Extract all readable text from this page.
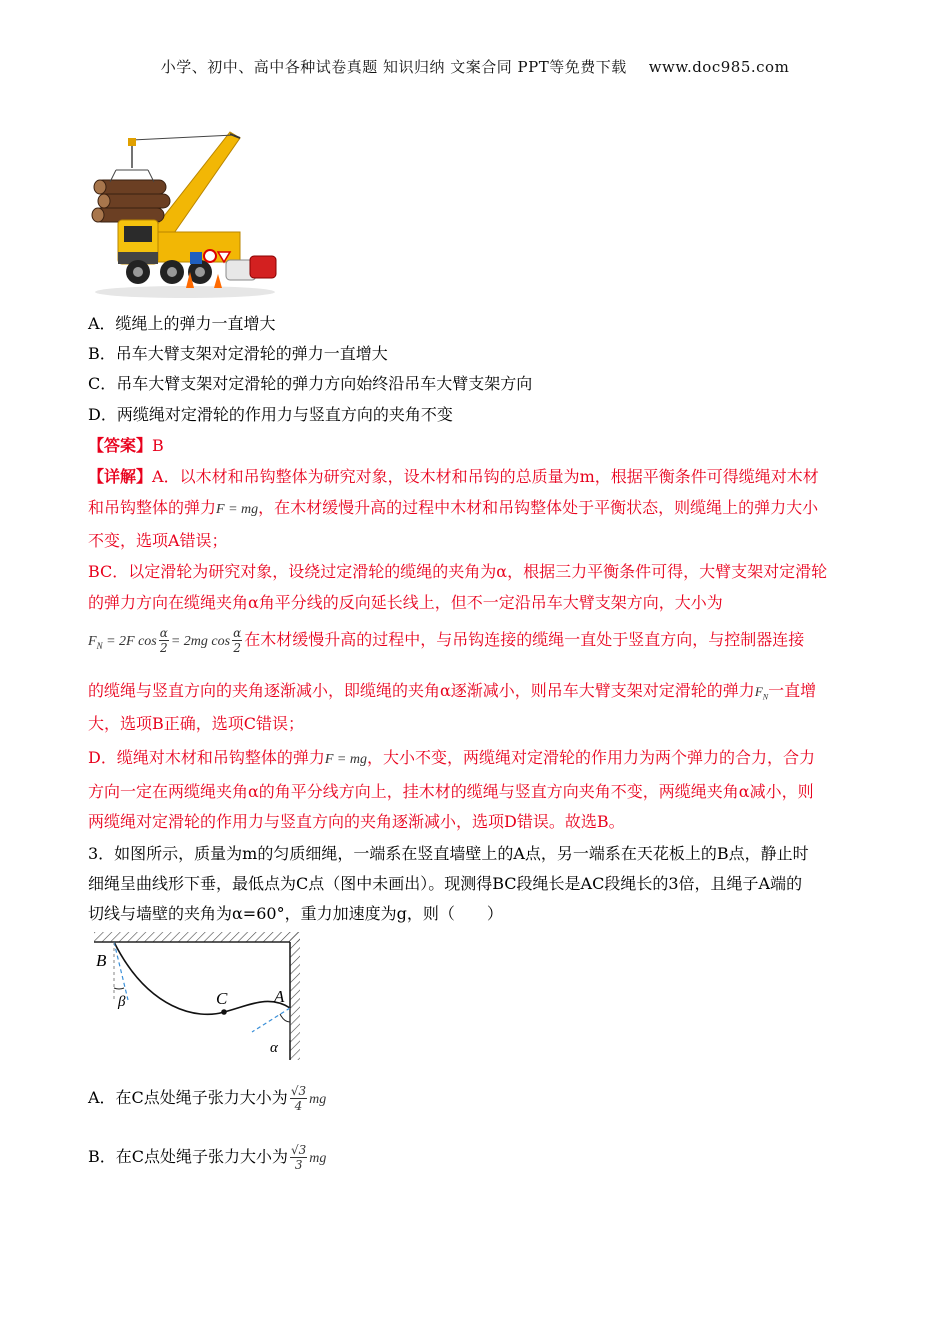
小学、初中、高中各种试卷真题 知识归纳 文案合同 PPT等免费下载 www.doc985.com
A．缆绳上的弹力一直增大
B．吊车大臂支架对定滑轮的弹力一直增大
C．吊车大臂支架对定滑轮的弹力方向始终沿吊车大臂支架方向
D．两缆绳对定滑轮的作用力与竖直方向的夹角不变
【答案】B
【详解】A．以木材和吊钩整体为研究对象，设木材和吊钩的总质量为m，根据平衡条件可得缆绳对木材
和吊钩整体的弹力F = mg，在木材缓慢升高的过程中木材和吊钩整体处于平衡状态，则缆绳上的弹力大小
不变，选项A错误；
BC．以定滑轮为研究对象，设绕过定滑轮的缆绳的夹角为α，根据三力平衡条件可得，大臂支架对定滑轮
的弹力方向在缆绳夹角α角平分线的反向延长线上，但不一定沿吊车大臂支架方向，大小为
$F_N = 2F$ $\cos \frac{\alpha}{2} = 2mg$ $\cos \frac{\alpha}{2}$ 在木材缓慢升高的过程中，与吊钩连接的缆绳一直处于竖直方向，与控制器连接
的缆绳与竖直方向的夹角逐渐减小，即缆绳的夹角α逐渐减小，则吊车大臂支架对定滑轮的弹力$F_N$一直增
大，选项B正确，选项C错误；
D．缆绳对木材和吊钩整体的弹力F = mg，大小不变，两缆绳对定滑轮的作用力为两个弹力的合力，合力
方向一定在两缆绳夹角α的角平分线方向上，挂木材的缆绳与竖直方向夹角不变，两缆绳夹角α减小，则
两缆绳对定滑轮的作用力与竖直方向的夹角逐渐减小，选项D错误。故选B。
3．如图所示，质量为m的匀质细绳，一端系在竖直墙壁上的A点，另一端系在天花板上的B点，静止时
细绳呈曲线形下垂，最低点为C点（图中未画出）。现测得BC段绳长是AC段绳长的3倍，且绳子A端的
切线与墙壁的夹角为α=60°，重力加速度为g，则（　　）
B
β	C	A
α
A．在C点处绳子张力大小为 $\frac{√3}{4}$ mg
B．在C点处绳子张力大小为 $\frac{√3}{3}$ mg
